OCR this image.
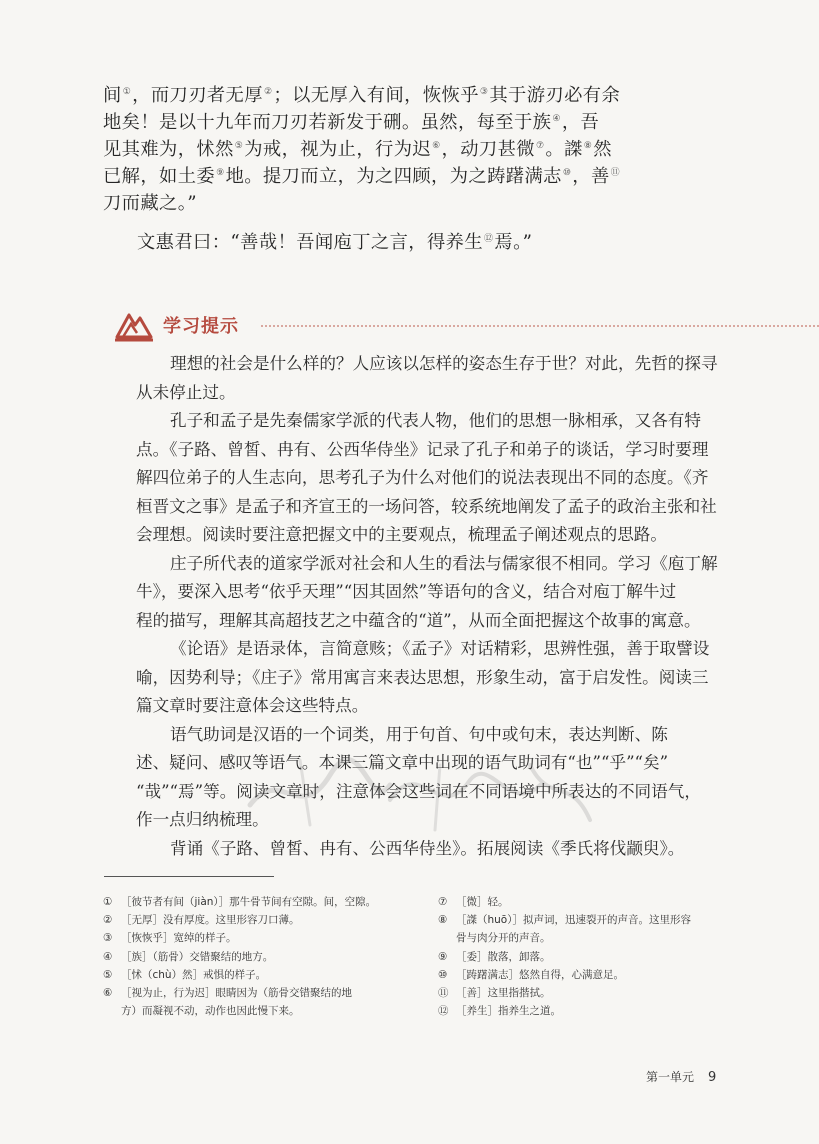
间①，而刀刃者无厚②；以无厚入有间，恢恢乎③其于游刃必有余
地矣！是以十九年而刀刃若新发于硎。虽然，每至于族④，吾
见其难为，怵然⑤为戒，视为止，行为迟⑥，动刀甚微⑦。謋⑧然
已解，如土委⑨地。提刀而立，为之四顾，为之踌躇满志⑩，善⑪
刀而藏之。”
文惠君曰：“善哉！吾闻庖丁之言，得养生⑫焉。”
学习提示
理想的社会是什么样的？人应该以怎样的姿态生存于世？对此，先哲的探寻
从未停止过。
孔子和孟子是先秦儒家学派的代表人物，他们的思想一脉相承，又各有特
点。《子路、曾皙、冉有、公西华侍坐》记录了孔子和弟子的谈话，学习时要理
解四位弟子的人生志向，思考孔子为什么对他们的说法表现出不同的态度。《齐
桓晋文之事》是孟子和齐宣王的一场问答，较系统地阐发了孟子的政治主张和社
会理想。阅读时要注意把握文中的主要观点，梳理孟子阐述观点的思路。
庄子所代表的道家学派对社会和人生的看法与儒家很不相同。学习《庖丁解
牛》，要深入思考“依乎天理”“因其固然”等语句的含义，结合对庖丁解牛过
程的描写，理解其高超技艺之中蕴含的“道”，从而全面把握这个故事的寓意。
《论语》是语录体，言简意赅；《孟子》对话精彩，思辨性强，善于取譬设
喻，因势利导；《庄子》常用寓言来表达思想，形象生动，富于启发性。阅读三
篇文章时要注意体会这些特点。
语气助词是汉语的一个词类，用于句首、句中或句末，表达判断、陈
述、疑问、感叹等语气。本课三篇文章中出现的语气助词有“也”“乎”“矣”
“哉”“焉”等。阅读文章时，注意体会这些词在不同语境中所表达的不同语气，
作一点归纳梳理。
背诵《子路、曾皙、冉有、公西华侍坐》。拓展阅读《季氏将伐颛臾》。
① ［彼节者有间（jiàn）］那牛骨节间有空隙。间，空隙。
② ［无厚］没有厚度。这里形容刀口薄。
③ ［恢恢乎］宽绰的样子。
④ ［族］（筋骨）交错聚结的地方。
⑤ ［怵（chù）然］戒惧的样子。
⑥ ［视为止，行为迟］眼睛因为（筋骨交错聚结的地
方）而凝视不动，动作也因此慢下来。
⑦ ［微］轻。
⑧ ［謋（huō）］拟声词，迅速裂开的声音。这里形容
骨与肉分开的声音。
⑨ ［委］散落，卸落。
⑩ ［踌躇满志］悠然自得，心满意足。
⑪ ［善］这里指揩拭。
⑫ ［养生］指养生之道。
第一单元 9
